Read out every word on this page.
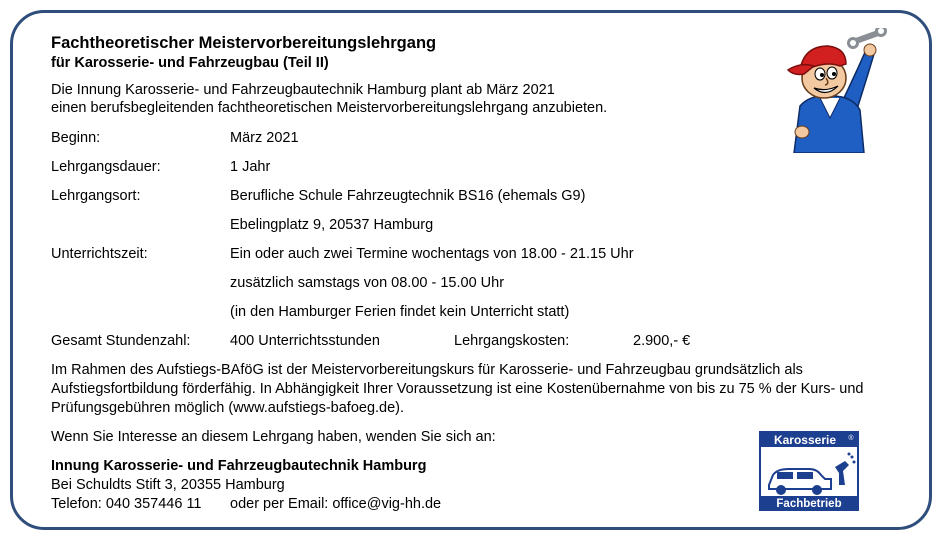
Fachtheoretischer Meistervorbereitungslehrgang
für Karosserie- und Fahrzeugbau (Teil II)
Die Innung Karosserie- und Fahrzeugbautechnik Hamburg plant ab März 2021
einen berufsbegleitenden fachtheoretischen Meistervorbereitungslehrgang anzubieten.
Beginn:	März 2021
Lehrgangsdauer:	1 Jahr
Lehrgangsort:	Berufliche Schule Fahrzeugtechnik BS16 (ehemals G9)
Ebelingplatz 9, 20537 Hamburg
Unterrichtszeit:	Ein oder auch zwei Termine wochentags von 18.00 - 21.15 Uhr
zusätzlich samstags von 08.00 - 15.00 Uhr
(in den Hamburger Ferien findet kein Unterricht statt)
Gesamt Stundenzahl:	400 Unterrichtsstunden	Lehrgangskosten:	2.900,- €
Im Rahmen des Aufstiegs-BAföG ist der Meistervorbereitungskurs für Karosserie- und Fahrzeugbau grundsätzlich als
Aufstiegsfortbildung förderfähig. In Abhängigkeit Ihrer Voraussetzung ist eine Kostenübernahme von bis zu 75 % der Kurs- und
Prüfungsgebühren möglich (www.aufstiegs-bafoeg.de).
Wenn Sie Interesse an diesem Lehrgang haben, wenden Sie sich an:
Innung Karosserie- und Fahrzeugbautechnik Hamburg
Bei Schuldts Stift 3, 20355 Hamburg
Telefon: 040 357446 11 oder per Email: office@vig-hh.de
Karosserie ®
Fachbetrieb
